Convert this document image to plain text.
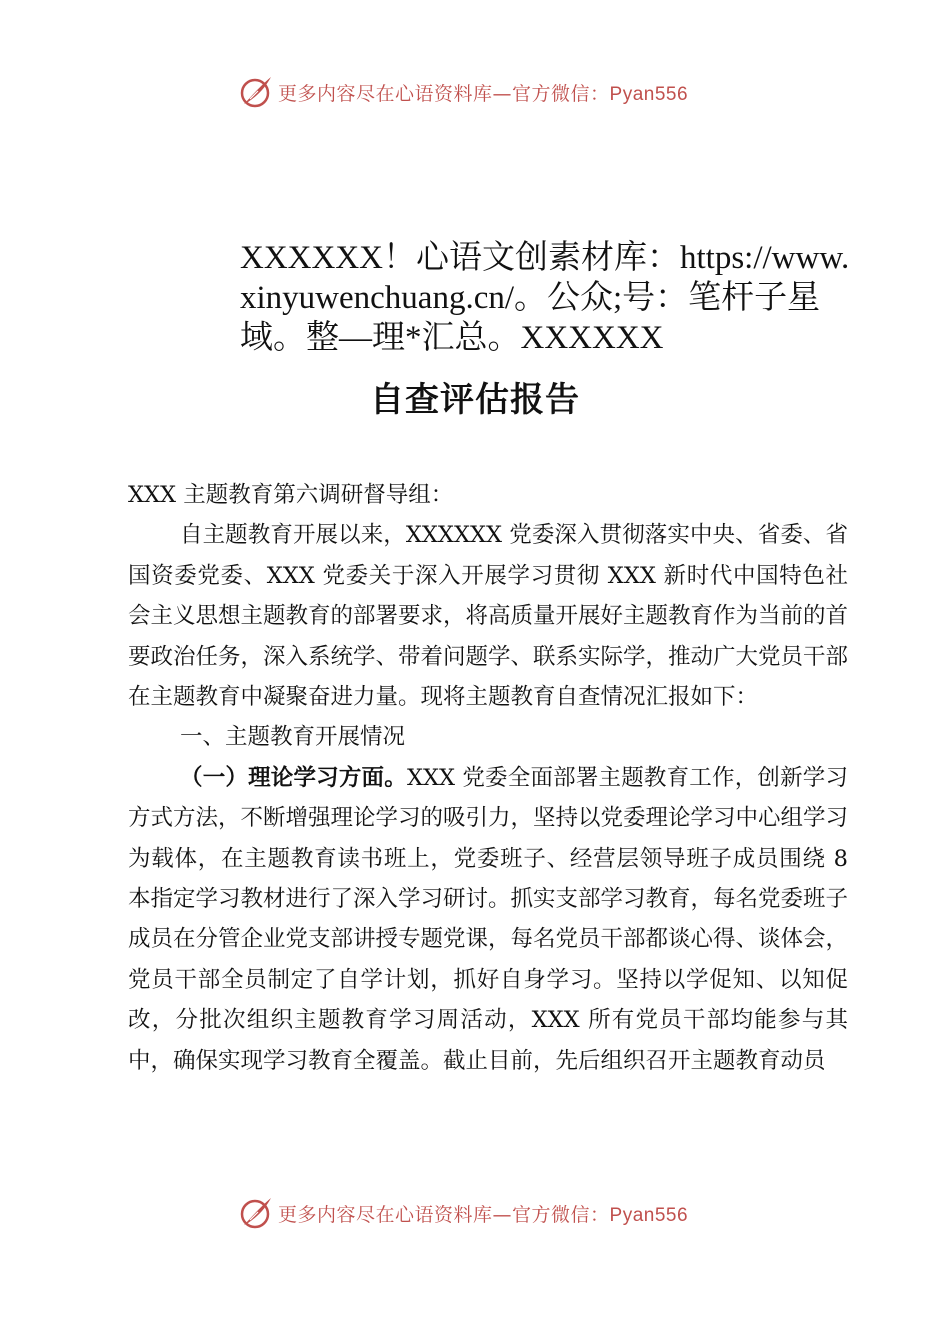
更多内容尽在心语资料库—官方微信：Pyan556
XXXXXX！心语文创素材库：https://www.xinyuwenchuang.cn/。公众;号：笔杆子星域。整—理*汇总。XXXXXX
自查评估报告

XXX 主题教育第六调研督导组：

自主题教育开展以来，XXXXXX 党委深入贯彻落实中央、省委、省国资委党委、XXX 党委关于深入开展学习贯彻 XXX 新时代中国特色社会主义思想主题教育的部署要求，将高质量开展好主题教育作为当前的首要政治任务，深入系统学、带着问题学、联系实际学，推动广大党员干部在主题教育中凝聚奋进力量。现将主题教育自查情况汇报如下：

一、主题教育开展情况

（一）理论学习方面。XXX 党委全面部署主题教育工作，创新学习方式方法，不断增强理论学习的吸引力，坚持以党委理论学习中心组学习为载体，在主题教育读书班上，党委班子、经营层领导班子成员围绕 8 本指定学习教材进行了深入学习研讨。抓实支部学习教育，每名党委班子成员在分管企业党支部讲授专题党课，每名党员干部都谈心得、谈体会，党员干部全员制定了自学计划，抓好自身学习。坚持以学促知、以知促改，分批次组织主题教育学习周活动，XXX 所有党员干部均能参与其中，确保实现学习教育全覆盖。截止目前，先后组织召开主题教育动员

更多内容尽在心语资料库—官方微信：Pyan556
